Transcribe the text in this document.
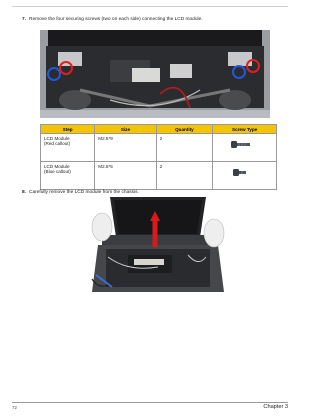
7. Remove the four securing screws (two on each side) connecting the LCD module.
Step	Size	Quantity	Screw Type
LCD Module
(Red callout)	M2.5*9	2	
LCD Module
(Blue callout)	M2.5*5	2	
8. Carefully remove the LCD module from the chassis.
72	Chapter 3
